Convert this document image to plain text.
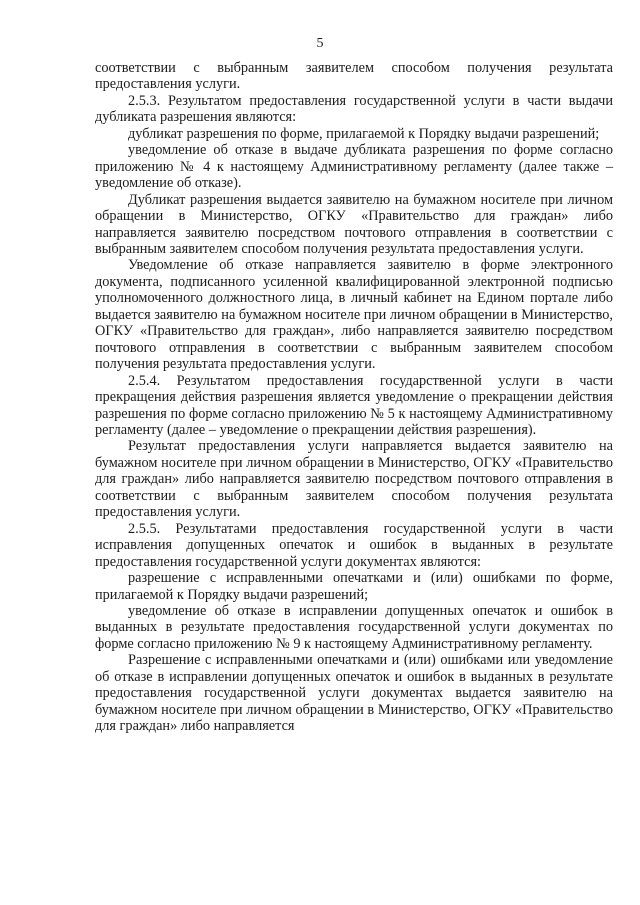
5

соответствии с выбранным заявителем способом получения результата предоставления услуги.

2.5.3. Результатом предоставления государственной услуги в части выдачи дубликата разрешения являются:

дубликат разрешения по форме, прилагаемой к Порядку выдачи разрешений;

уведомление об отказе в выдаче дубликата разрешения по форме согласно приложению № 4 к настоящему Административному регламенту (далее также – уведомление об отказе).

Дубликат разрешения выдается заявителю на бумажном носителе при личном обращении в Министерство, ОГКУ «Правительство для граждан» либо направляется заявителю посредством почтового отправления в соответствии с выбранным заявителем способом получения результата предоставления услуги.

Уведомление об отказе направляется заявителю в форме электронного документа, подписанного усиленной квалифицированной электронной подписью уполномоченного должностного лица, в личный кабинет на Едином портале либо выдается заявителю на бумажном носителе при личном обращении в Министерство, ОГКУ «Правительство для граждан», либо направляется заявителю посредством почтового отправления в соответствии с выбранным заявителем способом получения результата предоставления услуги.

2.5.4. Результатом предоставления государственной услуги в части прекращения действия разрешения является уведомление о прекращении действия разрешения по форме согласно приложению № 5 к настоящему Административному регламенту (далее – уведомление о прекращении действия разрешения).

Результат предоставления услуги направляется выдается заявителю на бумажном носителе при личном обращении в Министерство, ОГКУ «Правительство для граждан» либо направляется заявителю посредством почтового отправления в соответствии с выбранным заявителем способом получения результата предоставления услуги.

2.5.5. Результатами предоставления государственной услуги в части исправления допущенных опечаток и ошибок в выданных в результате предоставления государственной услуги документах являются:

разрешение с исправленными опечатками и (или) ошибками по форме, прилагаемой к Порядку выдачи разрешений;

уведомление об отказе в исправлении допущенных опечаток и ошибок в выданных в результате предоставления государственной услуги документах по форме согласно приложению № 9 к настоящему Административному регламенту.

Разрешение с исправленными опечатками и (или) ошибками или уведомление об отказе в исправлении допущенных опечаток и ошибок в выданных в результате предоставления государственной услуги документах выдается заявителю на бумажном носителе при личном обращении в Министерство, ОГКУ «Правительство для граждан» либо направляется
